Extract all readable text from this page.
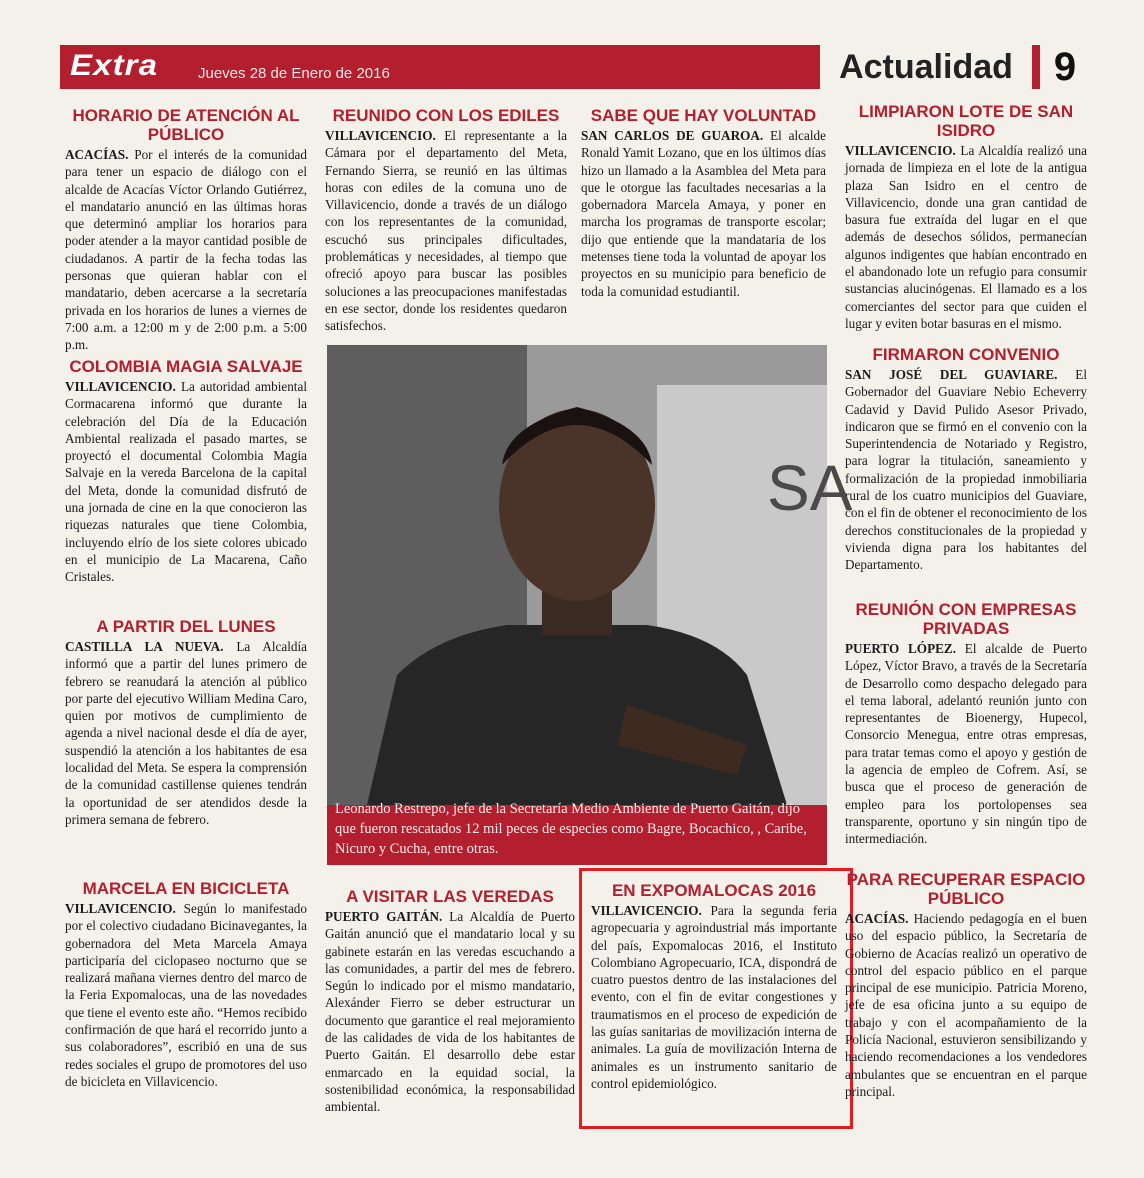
Extra	Jueves 28 de Enero de 2016	Actualidad	9
HORARIO DE ATENCIÓN AL PÚBLICO

ACACÍAS. Por el interés de la comunidad para tener un espacio de diálogo con el alcalde de Acacías Víctor Orlando Gutiérrez, el mandatario anunció en las últimas horas que determinó ampliar los horarios para poder atender a la mayor cantidad posible de ciudadanos. A partir de la fecha todas las personas que quieran hablar con el mandatario, deben acercarse a la secretaría privada en los horarios de lunes a viernes de 7:00 a.m. a 12:00 m y de 2:00 p.m. a 5:00 p.m.

COLOMBIA MAGIA SALVAJE

VILLAVICENCIO. La autoridad ambiental Cormacarena informó que durante la celebración del Día de la Educación Ambiental realizada el pasado martes, se proyectó el documental Colombia Magia Salvaje en la vereda Barcelona de la capital del Meta, donde la comunidad disfrutó de una jornada de cine en la que conocieron las riquezas naturales que tiene Colombia, incluyendo elrío de los siete colores ubicado en el municipio de La Macarena, Caño Cristales.

A PARTIR DEL LUNES

CASTILLA LA NUEVA. La Alcaldía informó que a partir del lunes primero de febrero se reanudará la atención al público por parte del ejecutivo William Medina Caro, quien por motivos de cumplimiento de agenda a nivel nacional desde el día de ayer, suspendió la atención a los habitantes de esa localidad del Meta. Se espera la comprensión de la comunidad castillense quienes tendrán la oportunidad de ser atendidos desde la primera semana de febrero.

MARCELA EN BICICLETA

VILLAVICENCIO. Según lo manifestado por el colectivo ciudadano Bicinavegantes, la gobernadora del Meta Marcela Amaya participaría del ciclopaseo nocturno que se realizará mañana viernes dentro del marco de la Feria Expomalocas, una de las novedades que tiene el evento este año. “Hemos recibido confirmación de que hará el recorrido junto a sus colaboradores”, escribió en una de sus redes sociales el grupo de promotores del uso de bicicleta en Villavicencio.

REUNIDO CON LOS EDILES

VILLAVICENCIO. El representante a la Cámara por el departamento del Meta, Fernando Sierra, se reunió en las últimas horas con ediles de la comuna uno de Villavicencio, donde a través de un diálogo con los representantes de la comunidad, escuchó sus principales dificultades, problemáticas y necesidades, al tiempo que ofreció apoyo para buscar las posibles soluciones a las preocupaciones manifestadas en ese sector, donde los residentes quedaron satisfechos.

SABE QUE HAY VOLUNTAD

SAN CARLOS DE GUAROA. El alcalde Ronald Yamit Lozano, que en los últimos días hizo un llamado a la Asamblea del Meta para que le otorgue las facultades necesarias a la gobernadora Marcela Amaya, y poner en marcha los programas de transporte escolar; dijo que entiende que la mandataria de los metenses tiene toda la voluntad de apoyar los proyectos en su municipio para beneficio de toda la comunidad estudiantil.

LIMPIARON LOTE DE SAN ISIDRO

VILLAVICENCIO. La Alcaldía realizó una jornada de limpieza en el lote de la antigua plaza San Isidro en el centro de Villavicencio, donde una gran cantidad de basura fue extraída del lugar en el que además de desechos sólidos, permanecían algunos indigentes que habían encontrado en el abandonado lote un refugio para consumir sustancias alucinógenas. El llamado es a los comerciantes del sector para que cuiden el lugar y eviten botar basuras en el mismo.

FIRMARON CONVENIO

SAN JOSÉ DEL GUAVIARE. El Gobernador del Guaviare Nebio Echeverry Cadavid y David Pulido Asesor Privado, indicaron que se firmó en el convenio con la Superintendencia de Notariado y Registro, para lograr la titulación, saneamiento y formalización de la propiedad inmobiliaria rural de los cuatro municipios del Guaviare, con el fin de obtener el reconocimiento de los derechos constitucionales de la propiedad y vivienda digna para los habitantes del Departamento.

REUNIÓN CON EMPRESAS PRIVADAS

PUERTO LÓPEZ. El alcalde de Puerto López, Víctor Bravo, a través de la Secretaría de Desarrollo como despacho delegado para el tema laboral, adelantó reunión junto con representantes de Bioenergy, Hupecol, Consorcio Menegua, entre otras empresas, para tratar temas como el apoyo y gestión de la agencia de empleo de Cofrem. Así, se busca que el proceso de generación de empleo para los portolopenses sea transparente, oportuno y sin ningún tipo de intermediación.

SA
Leonardo Restrepo, jefe de la Secretaría Medio Ambiente de Puerto Gaitán, dijo que fueron rescatados 12 mil peces de especies como Bagre, Bocachico, , Caribe, Nicuro y Cucha, entre otras.
A VISITAR LAS VEREDAS

PUERTO GAITÁN. La Alcaldía de Puerto Gaitán anunció que el mandatario local y su gabinete estarán en las veredas escuchando a las comunidades, a partir del mes de febrero. Según lo indicado por el mismo mandatario, Alexánder Fierro se deber estructurar un documento que garantice el real mejoramiento de las calidades de vida de los habitantes de Puerto Gaitán. El desarrollo debe estar enmarcado en la equidad social, la sostenibilidad económica, la responsabilidad ambiental.

EN EXPOMALOCAS 2016

VILLAVICENCIO. Para la segunda feria agropecuaria y agroindustrial más importante del país, Expomalocas 2016, el Instituto Colombiano Agropecuario, ICA, dispondrá de cuatro puestos dentro de las instalaciones del evento, con el fin de evitar congestiones y traumatismos en el proceso de expedición de las guías sanitarias de movilización interna de animales. La guía de movilización Interna de animales es un instrumento sanitario de control epidemiológico.

PARA RECUPERAR ESPACIO PÚBLICO

ACACÍAS. Haciendo pedagogía en el buen uso del espacio público, la Secretaría de Gobierno de Acacías realizó un operativo de control del espacio público en el parque principal de ese municipio. Patricia Moreno, jefe de esa oficina junto a su equipo de trabajo y con el acompañamiento de la Policía Nacional, estuvieron sensibilizando y haciendo recomendaciones a los vendedores ambulantes que se encuentran en el parque principal.
